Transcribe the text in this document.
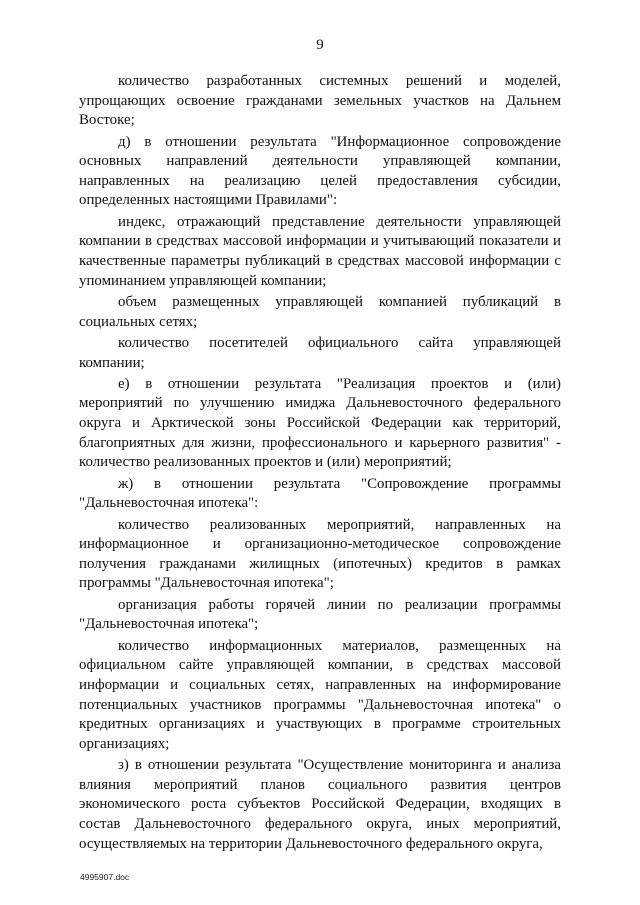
9

количество разработанных системных решений и моделей, упрощающих освоение гражданами земельных участков на Дальнем Востоке;

д) в отношении результата "Информационное сопровождение основных направлений деятельности управляющей компании, направленных на реализацию целей предоставления субсидии, определенных настоящими Правилами":

индекс, отражающий представление деятельности управляющей компании в средствах массовой информации и учитывающий показатели и качественные параметры публикаций в средствах массовой информации с упоминанием управляющей компании;

объем размещенных управляющей компанией публикаций в социальных сетях;

количество посетителей официального сайта управляющей компании;

е) в отношении результата "Реализация проектов и (или) мероприятий по улучшению имиджа Дальневосточного федерального округа и Арктической зоны Российской Федерации как территорий, благоприятных для жизни, профессионального и карьерного развития" - количество реализованных проектов и (или) мероприятий;

ж) в отношении результата "Сопровождение программы "Дальневосточная ипотека":

количество реализованных мероприятий, направленных на информационное и организационно-методическое сопровождение получения гражданами жилищных (ипотечных) кредитов в рамках программы "Дальневосточная ипотека";

организация работы горячей линии по реализации программы "Дальневосточная ипотека";

количество информационных материалов, размещенных на официальном сайте управляющей компании, в средствах массовой информации и социальных сетях, направленных на информирование потенциальных участников программы "Дальневосточная ипотека" о кредитных организациях и участвующих в программе строительных организациях;

з) в отношении результата "Осуществление мониторинга и анализа влияния мероприятий планов социального развития центров экономического роста субъектов Российской Федерации, входящих в состав Дальневосточного федерального округа, иных мероприятий, осуществляемых на территории Дальневосточного федерального округа,

4995907.doc
